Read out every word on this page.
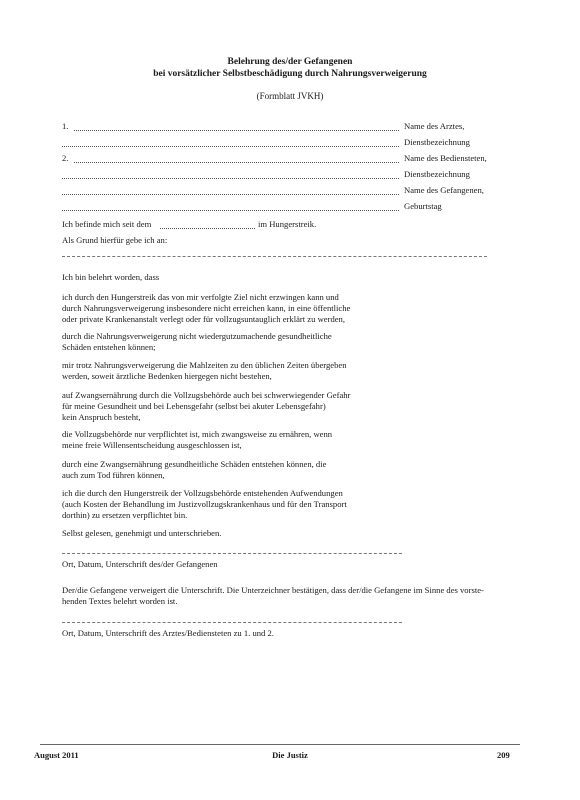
Belehrung des/der Gefangenen
bei vorsätzlicher Selbstbeschädigung durch Nahrungsverweigerung
(Formblatt JVKH)
1.	Name des Arztes,
Dienstbezeichnung
2.	Name des Bediensteten,
Dienstbezeichnung
Name des Gefangenen,
Geburtstag
Ich befinde mich seit dem	im Hungerstreik.
Als Grund hierfür gebe ich an:
Ich bin belehrt worden, dass
ich durch den Hungerstreik das von mir verfolgte Ziel nicht erzwingen kann und
durch Nahrungsverweigerung insbesondere nicht erreichen kann, in eine öffentliche
oder private Krankenanstalt verlegt oder für vollzugsuntauglich erklärt zu werden,
durch die Nahrungsverweigerung nicht wiedergutzumachende gesundheitliche
Schäden entstehen können;
mir trotz Nahrungsverweigerung die Mahlzeiten zu den üblichen Zeiten übergeben
werden, soweit ärztliche Bedenken hiergegen nicht bestehen,
auf Zwangsernährung durch die Vollzugsbehörde auch bei schwerwiegender Gefahr
für meine Gesundheit und bei Lebensgefahr (selbst bei akuter Lebensgefahr)
kein Anspruch besteht,
die Vollzugsbehörde nur verpflichtet ist, mich zwangsweise zu ernähren, wenn
meine freie Willensentscheidung ausgeschlossen ist,
durch eine Zwangsernährung gesundheitliche Schäden entstehen können, die
auch zum Tod führen können,
ich die durch den Hungerstreik der Vollzugsbehörde entstehenden Aufwendungen
(auch Kosten der Behandlung im Justizvollzugskrankenhaus und für den Transport
dorthin) zu ersetzen verpflichtet bin.
Selbst gelesen, genehmigt und unterschrieben.
Ort, Datum, Unterschrift des/der Gefangenen
Der/die Gefangene verweigert die Unterschrift. Die Unterzeichner bestätigen, dass der/die Gefangene im Sinne des vorste-
henden Textes belehrt worden ist.
Ort, Datum, Unterschrift des Arztes/Bediensteten zu 1. und 2.
August 2011	Die Justiz	209
